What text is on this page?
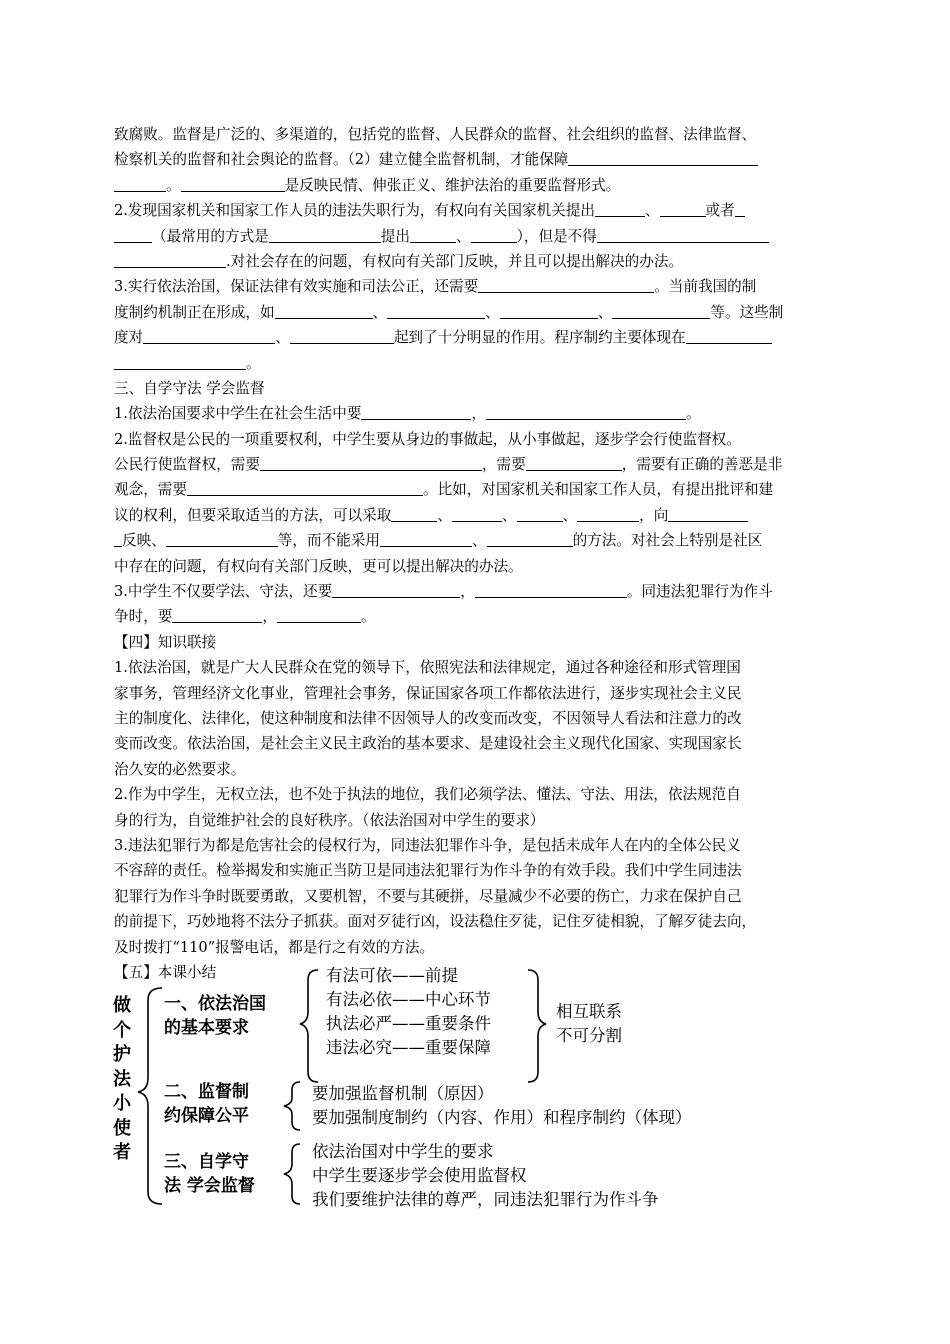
致腐败。监督是广泛的、多渠道的，包括党的监督、人民群众的监督、社会组织的监督、法律监督、
检察机关的监督和社会舆论的监督。（2）建立健全监督机制，才能保障
。	是反映民情、伸张正义、维护法治的重要监督形式。
2.发现国家机关和国家工作人员的违法失职行为，有权向有关国家机关提出	、	或者
（最常用的方式是	提出	、	），但是不得
.对社会存在的问题，有权向有关部门反映，并且可以提出解决的办法。
3.实行依法治国，保证法律有效实施和司法公正，还需要	。当前我国的制
度制约机制正在形成，如	、	、	、	等。这些制
度对	、	起到了十分明显的作用。程序制约主要体现在
。
三、自学守法 学会监督
1.依法治国要求中学生在社会生活中要	，	。
2.监督权是公民的一项重要权利，中学生要从身边的事做起，从小事做起，逐步学会行使监督权。
公民行使监督权，需要	，需要	，需要有正确的善恶是非
观念，需要	。比如，对国家机关和国家工作人员，有提出批评和建
议的权利，但要采取适当的方法，可以采取	、	、	、	，向
反映、	等，而不能采用	、	的方法。对社会上特别是社区
中存在的问题，有权向有关部门反映，更可以提出解决的办法。
3.中学生不仅要学法、守法，还要	，	。同违法犯罪行为作斗
争时，要	，	。
【四】知识联接
1.依法治国，就是广大人民群众在党的领导下，依照宪法和法律规定，通过各种途径和形式管理国
家事务，管理经济文化事业，管理社会事务，保证国家各项工作都依法进行，逐步实现社会主义民
主的制度化、法律化，使这种制度和法律不因领导人的改变而改变，不因领导人看法和注意力的改
变而改变。依法治国，是社会主义民主政治的基本要求、是建设社会主义现代化国家、实现国家长
治久安的必然要求。
2.作为中学生，无权立法，也不处于执法的地位，我们必须学法、懂法、守法、用法，依法规范自
身的行为，自觉维护社会的良好秩序。（依法治国对中学生的要求）
3.违法犯罪行为都是危害社会的侵权行为，同违法犯罪作斗争，是包括未成年人在内的全体公民义
不容辞的责任。检举揭发和实施正当防卫是同违法犯罪行为作斗争的有效手段。我们中学生同违法
犯罪行为作斗争时既要勇敢，又要机智，不要与其硬拼，尽量减少不必要的伤亡，力求在保护自己
的前提下，巧妙地将不法分子抓获。面对歹徒行凶，设法稳住歹徒，记住歹徒相貌，了解歹徒去向，
及时拨打“110”报警电话，都是行之有效的方法。
【五】本课小结
做
个
护
法
小
使
者
一、依法治国
的基本要求
有法可依——前提
有法必依——中心环节
执法必严——重要条件
违法必究——重要保障
相互联系
不可分割
二、监督制
约保障公平
要加强监督机制（原因）
要加强制度制约（内容、作用）和程序制约（体现）
三、自学守
法 学会监督
依法治国对中学生的要求
中学生要逐步学会使用监督权
我们要维护法律的尊严，同违法犯罪行为作斗争
